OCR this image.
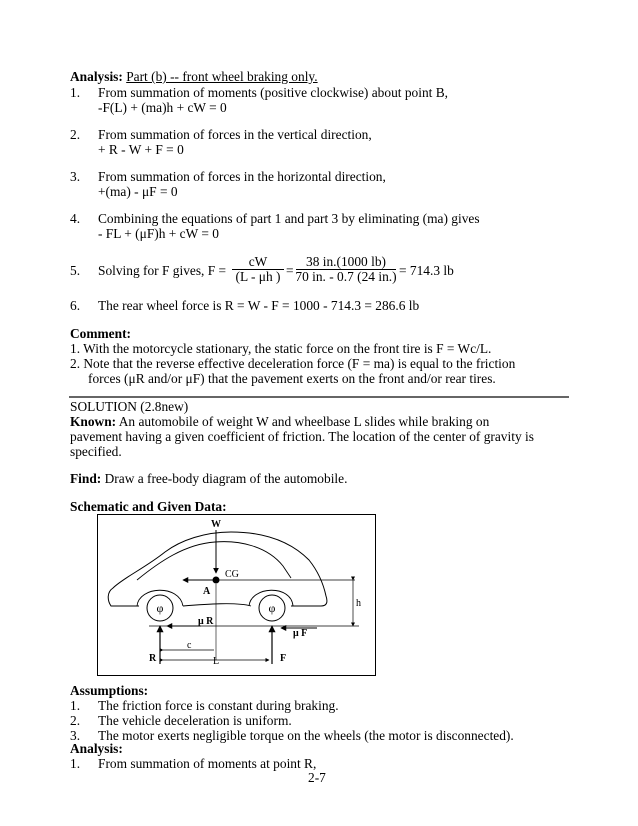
Analysis: Part (b) -- front wheel braking only.
1. From summation of moments (positive clockwise) about point B,
-F(L) + (ma)h + cW = 0
2. From summation of forces in the vertical direction,
+ R - W + F = 0
3. From summation of forces in the horizontal direction,
+(ma) - μF = 0
4. Combining the equations of part 1 and part 3 by eliminating (ma) gives
- FL + (μF)h + cW = 0
5. Solving for F gives, F =
cW
(L - μh ) =
38 in.(1000 lb)
70 in. - 0.7 (24 in.) = 714.3 lb
6. The rear wheel force is R = W - F = 1000 - 714.3 = 286.6 lb
Comment:
1. With the motorcycle stationary, the static force on the front tire is F = Wc/L.
2. Note that the reverse effective deceleration force (F = ma) is equal to the friction
forces (μR and/or μF) that the pavement exerts on the front and/or rear tires.
SOLUTION (2.8new)
Known: An automobile of weight W and wheelbase L slides while braking on
pavement having a given coefficient of friction. The location of the center of gravity is
specified.
Find: Draw a free-body diagram of the automobile.
Schematic and Given Data:
φ	φ
W
CG
A
h
μ R
μ F
c
L
R	F
Assumptions:
1. The friction force is constant during braking.
2. The vehicle deceleration is uniform.
3. The motor exerts negligible torque on the wheels (the motor is disconnected).
Analysis:
1. From summation of moments at point R,
2-7
